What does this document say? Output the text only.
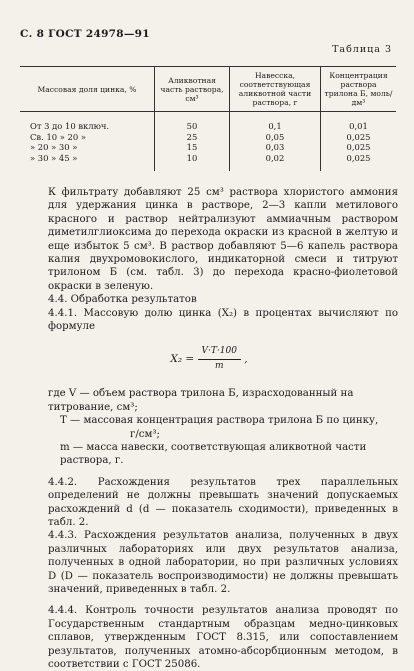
С. 8 ГОСТ 24978—91
Таблица 3
Массовая доля цинка, %	Аликвотная часть раствора, см³	Навесска, соответствующая аликвотной части раствора, г	Концентрация раствора трилона Б, моль/дм³
От 3 до 10 включ.	50	0,1	0,01
Св. 10 » 20 »	25	0,05	0,025
» 20 » 30 »	15	0,03	0,025
» 30 » 45 »	10	0,02	0,025

К фильтрату добавляют 25 см³ раствора хлористого аммония для удержания цинка в растворе, 2—3 капли метилового красного и раствор нейтрализуют аммиачным раствором диметилглиоксима до перехода окраски из красной в желтую и еще избыток 5 см³. В раствор добавляют 5—6 капель раствора калия двухромовокислого, индикаторной смеси и титруют трилоном Б (см. табл. 3) до перехода красно-фиолетовой окраски в зеленую.

4.4. Обработка результатов

4.4.1. Массовую долю цинка (X₂) в процентах вычисляют по формуле

$X_2 = \frac{V\cdot T\cdot 100}{m}$ ,

где V — объем раствора трилона Б, израсходованный на титрование, см³;

T — массовая концентрация раствора трилона Б по цинку,

г/см³;

m — масса навески, соответствующая аликвотной части раствора, г.

4.4.2. Расхождения результатов трех параллельных определений не должны превышать значений допускаемых расхождений d (d — показатель сходимости), приведенных в табл. 2.

4.4.3. Расхождения результатов анализа, полученных в двух различных лабораториях или двух результатов анализа, полученных в одной лаборатории, но при различных условиях D (D — показатель воспроизводимости) не должны превышать значений, приведенных в табл. 2.

4.4.4. Контроль точности результатов анализа проводят по Государственным стандартным образцам медно-цинковых сплавов, утвержденным ГОСТ 8.315, или сопоставлением результатов, полученных атомно-абсорбционным методом, в соответствии с ГОСТ 25086.
